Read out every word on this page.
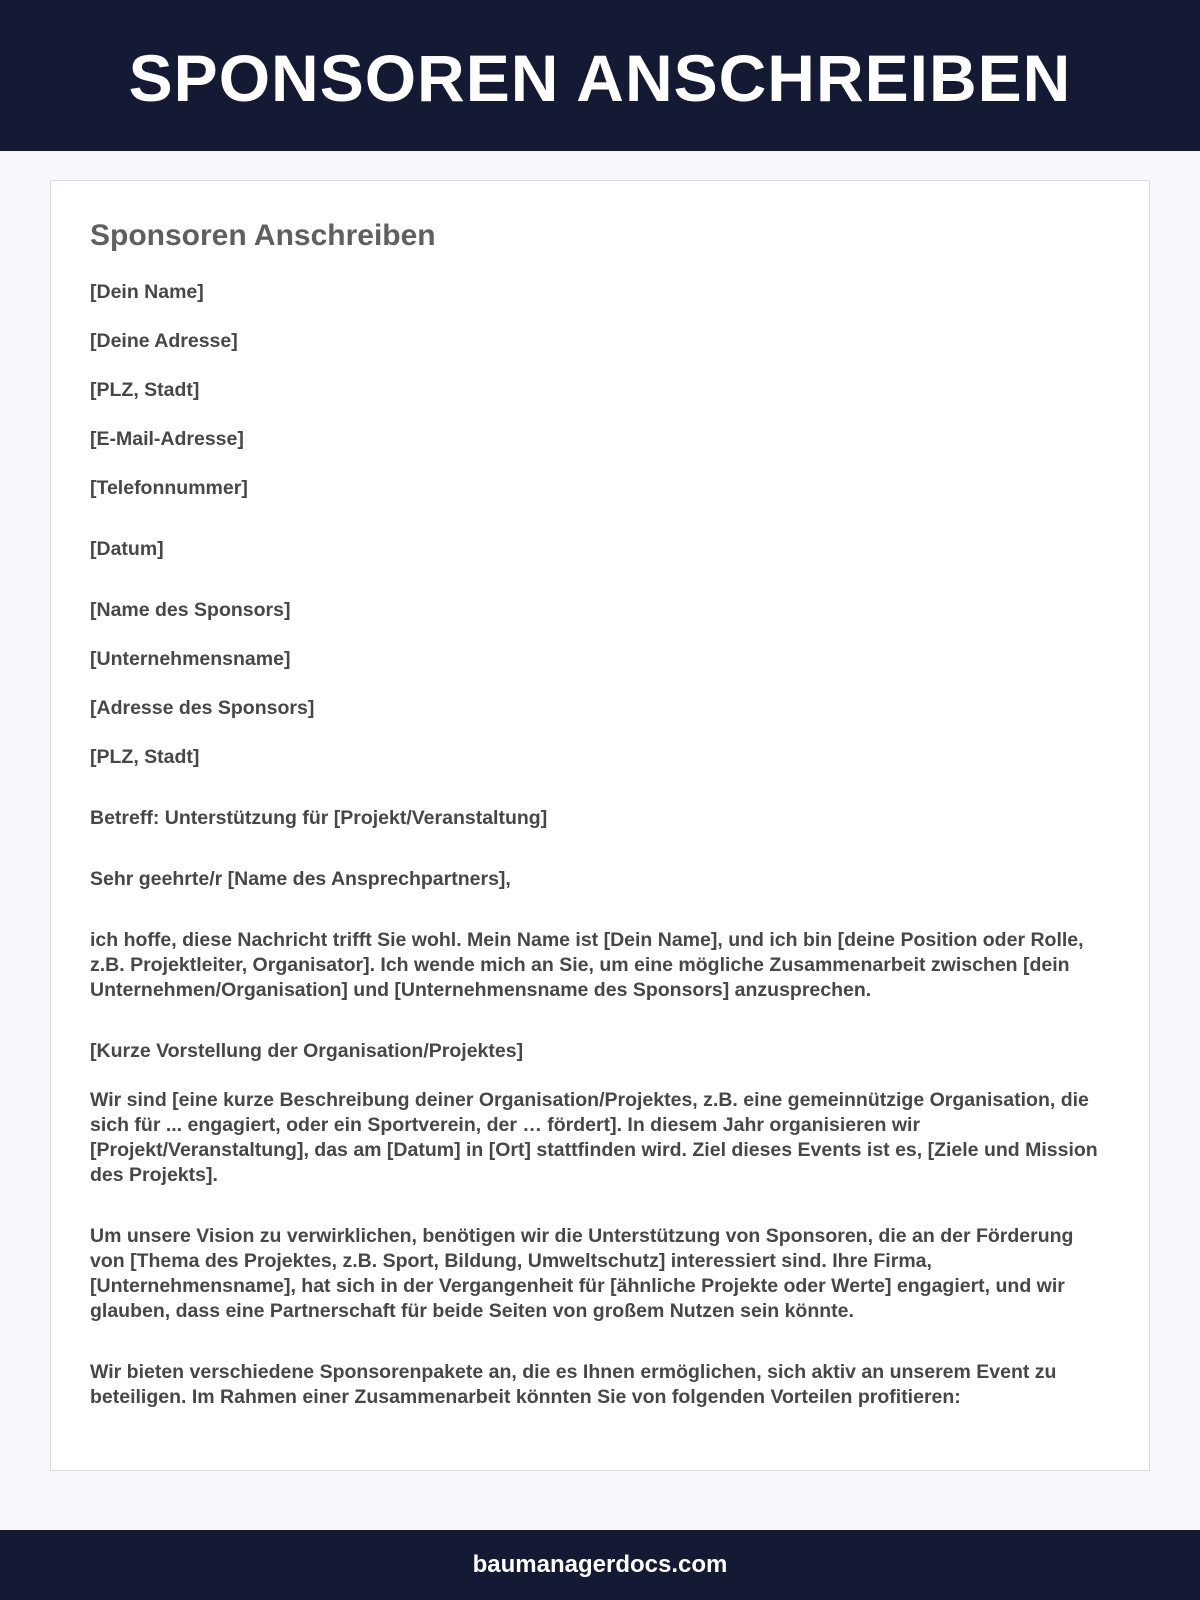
SPONSOREN ANSCHREIBEN
Sponsoren Anschreiben
[Dein Name]
[Deine Adresse]
[PLZ, Stadt]
[E-Mail-Adresse]
[Telefonnummer]
[Datum]
[Name des Sponsors]
[Unternehmensname]
[Adresse des Sponsors]
[PLZ, Stadt]
Betreff: Unterstützung für [Projekt/Veranstaltung]
Sehr geehrte/r [Name des Ansprechpartners],
ich hoffe, diese Nachricht trifft Sie wohl. Mein Name ist [Dein Name], und ich bin [deine Position oder Rolle, z.B. Projektleiter, Organisator]. Ich wende mich an Sie, um eine mögliche Zusammenarbeit zwischen [dein Unternehmen/Organisation] und [Unternehmensname des Sponsors] anzusprechen.
[Kurze Vorstellung der Organisation/Projektes]
Wir sind [eine kurze Beschreibung deiner Organisation/Projektes, z.B. eine gemeinnützige Organisation, die sich für ... engagiert, oder ein Sportverein, der … fördert]. In diesem Jahr organisieren wir [Projekt/Veranstaltung], das am [Datum] in [Ort] stattfinden wird. Ziel dieses Events ist es, [Ziele und Mission des Projekts].
Um unsere Vision zu verwirklichen, benötigen wir die Unterstützung von Sponsoren, die an der Förderung von [Thema des Projektes, z.B. Sport, Bildung, Umweltschutz] interessiert sind. Ihre Firma, [Unternehmensname], hat sich in der Vergangenheit für [ähnliche Projekte oder Werte] engagiert, und wir glauben, dass eine Partnerschaft für beide Seiten von großem Nutzen sein könnte.
Wir bieten verschiedene Sponsorenpakete an, die es Ihnen ermöglichen, sich aktiv an unserem Event zu beteiligen. Im Rahmen einer Zusammenarbeit könnten Sie von folgenden Vorteilen profitieren:
baumanagerdocs.com
